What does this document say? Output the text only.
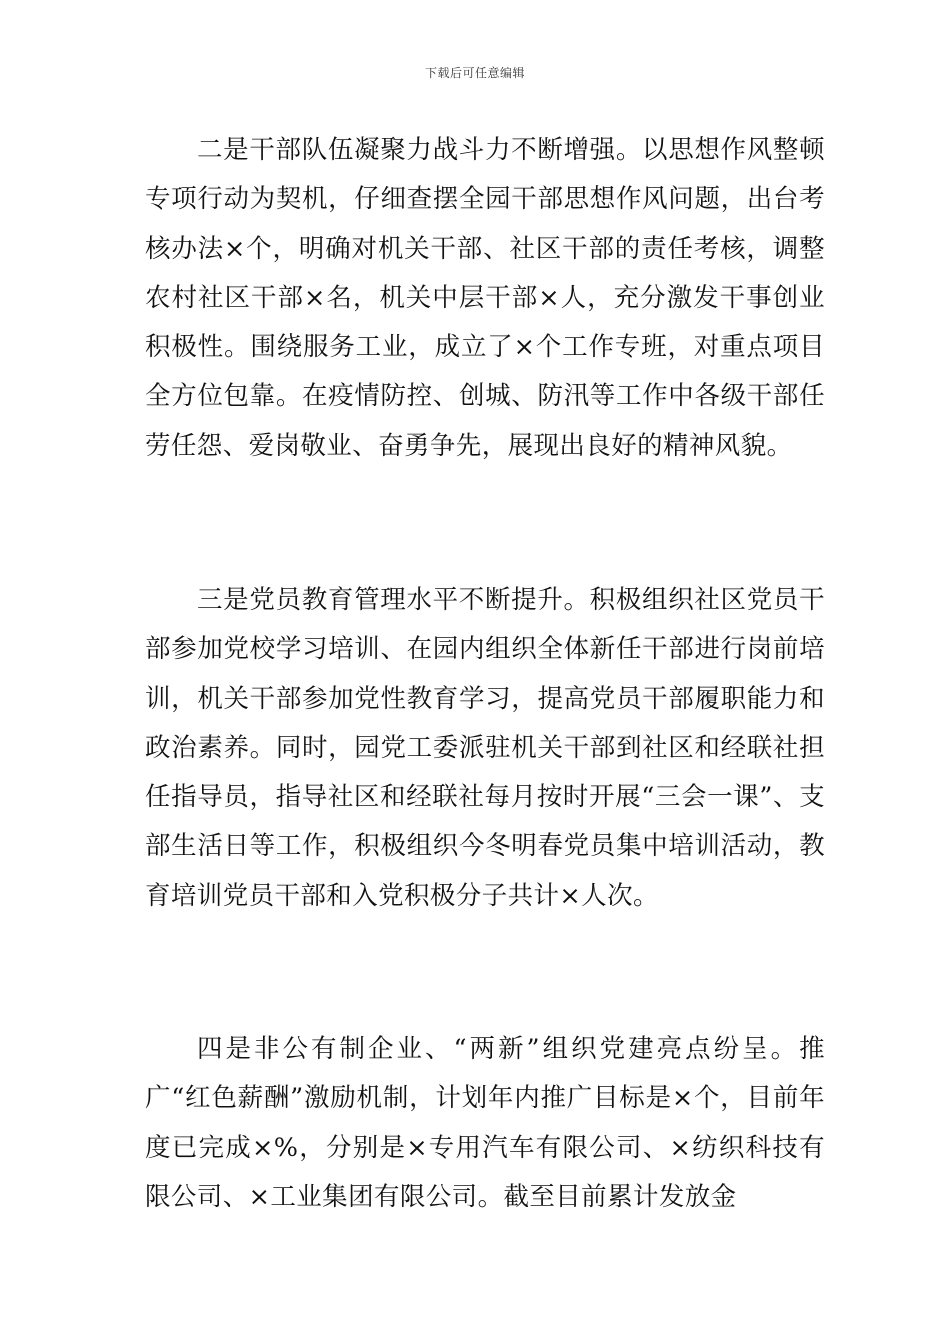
下载后可任意编辑

二是干部队伍凝聚力战斗力不断增强。以思想作风整顿专项行动为契机，仔细查摆全园干部思想作风问题，出台考核办法×个，明确对机关干部、社区干部的责任考核，调整农村社区干部×名，机关中层干部×人，充分激发干事创业积极性。围绕服务工业，成立了×个工作专班，对重点项目全方位包靠。在疫情防控、创城、防汛等工作中各级干部任劳任怨、爱岗敬业、奋勇争先，展现出良好的精神风貌。

三是党员教育管理水平不断提升。积极组织社区党员干部参加党校学习培训、在园内组织全体新任干部进行岗前培训，机关干部参加党性教育学习，提高党员干部履职能力和政治素养。同时，园党工委派驻机关干部到社区和经联社担任指导员，指导社区和经联社每月按时开展“三会一课”、支部生活日等工作，积极组织今冬明春党员集中培训活动，教育培训党员干部和入党积极分子共计×人次。

四是非公有制企业、“两新”组织党建亮点纷呈。推广“红色薪酬”激励机制，计划年内推广目标是×个，目前年度已完成×%，分别是×专用汽车有限公司、×纺织科技有限公司、×工业集团有限公司。截至目前累计发放金
